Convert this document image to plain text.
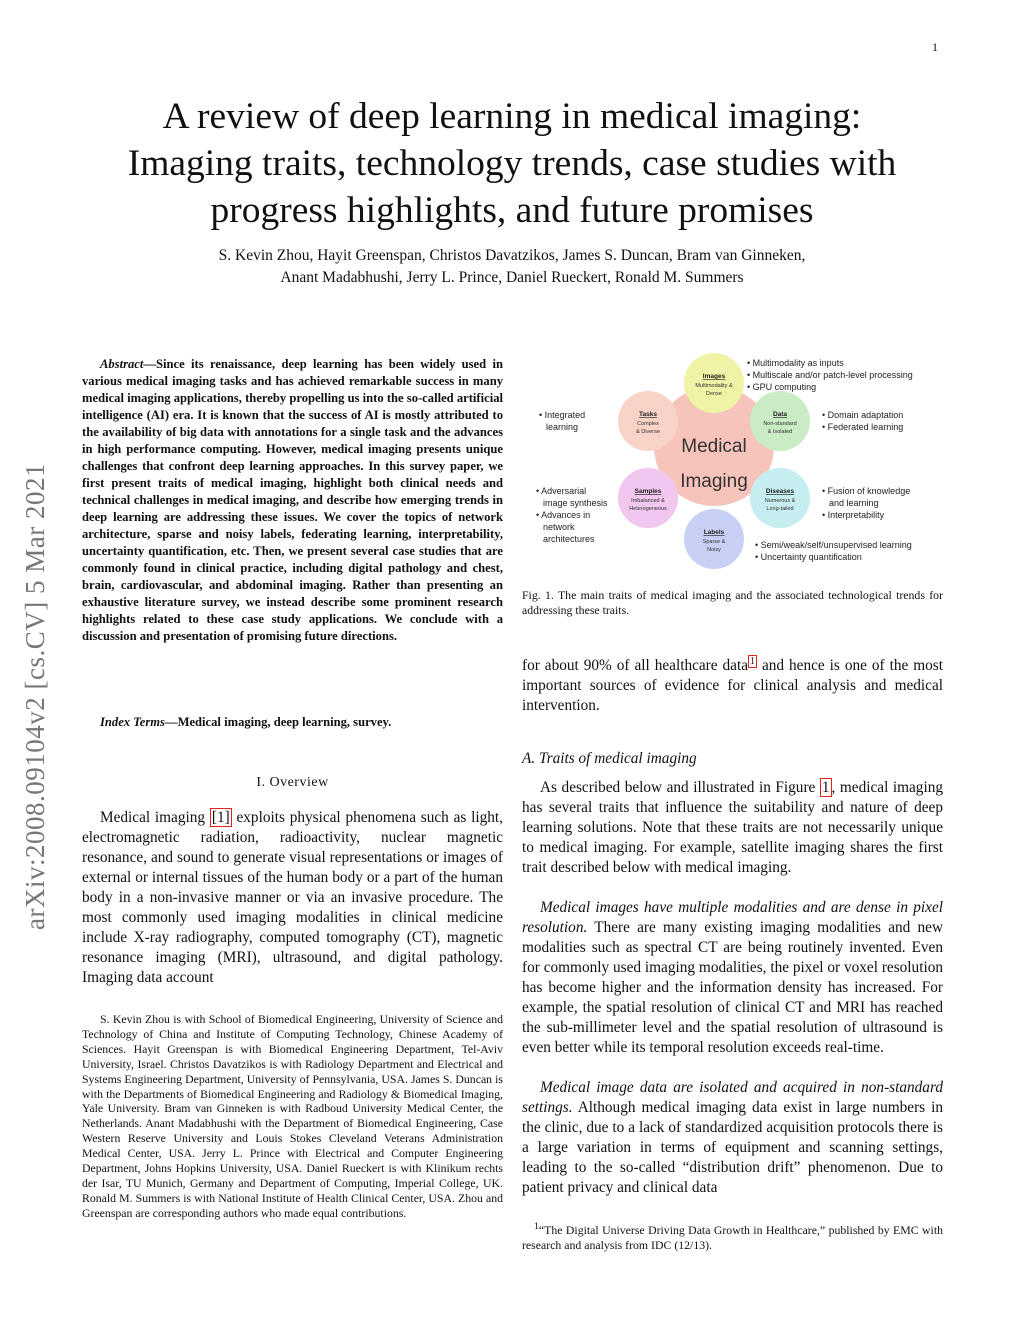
1
A review of deep learning in medical imaging:
Imaging traits, technology trends, case studies with
progress highlights, and future promises
S. Kevin Zhou, Hayit Greenspan, Christos Davatzikos, James S. Duncan, Bram van Ginneken,
Anant Madabhushi, Jerry L. Prince, Daniel Rueckert, Ronald M. Summers
arXiv:2008.09104v2 [cs.CV] 5 Mar 2021
Abstract—Since its renaissance, deep learning has been widely used in various medical imaging tasks and has achieved remarkable success in many medical imaging applications, thereby propelling us into the so-called artificial intelligence (AI) era. It is known that the success of AI is mostly attributed to the availability of big data with annotations for a single task and the advances in high performance computing. However, medical imaging presents unique challenges that confront deep learning approaches. In this survey paper, we first present traits of medical imaging, highlight both clinical needs and technical challenges in medical imaging, and describe how emerging trends in deep learning are addressing these issues. We cover the topics of network architecture, sparse and noisy labels, federating learning, interpretability, uncertainty quantification, etc. Then, we present several case studies that are commonly found in clinical practice, including digital pathology and chest, brain, cardiovascular, and abdominal imaging. Rather than presenting an exhaustive literature survey, we instead describe some prominent research highlights related to these case study applications. We conclude with a discussion and presentation of promising future directions.
Index Terms—Medical imaging, deep learning, survey.
I. Overview
Medical imaging [1] exploits physical phenomena such as light, electromagnetic radiation, radioactivity, nuclear magnetic resonance, and sound to generate visual representations or images of external or internal tissues of the human body or a part of the human body in a non-invasive manner or via an invasive procedure. The most commonly used imaging modalities in clinical medicine include X-ray radiography, computed tomography (CT), magnetic resonance imaging (MRI), ultrasound, and digital pathology. Imaging data account
S. Kevin Zhou is with School of Biomedical Engineering, University of Science and Technology of China and Institute of Computing Technology, Chinese Academy of Sciences. Hayit Greenspan is with Biomedical Engineering Department, Tel-Aviv University, Israel. Christos Davatzikos is with Radiology Department and Electrical and Systems Engineering Department, University of Pennsylvania, USA. James S. Duncan is with the Departments of Biomedical Engineering and Radiology & Biomedical Imaging, Yale University. Bram van Ginneken is with Radboud University Medical Center, the Netherlands. Anant Madabhushi with the Department of Biomedical Engineering, Case Western Reserve University and Louis Stokes Cleveland Veterans Administration Medical Center, USA. Jerry L. Prince with Electrical and Computer Engineering Department, Johns Hopkins University, USA. Daniel Rueckert is with Klinikum rechts der Isar, TU Munich, Germany and Department of Computing, Imperial College, UK. Ronald M. Summers is with National Institute of Health Clinical Center, USA. Zhou and Greenspan are corresponding authors who made equal contributions.
Medical
Imaging
Images
Multimodality &
Dense
Data
Non-standard
& Isolated
Diseases
Numerous &
Long-tailed
Labels
Sparse &
Noisy
Samples
Imbalanced &
Heterogeneous
Tasks
Complex
& Diverse
• Multimodality as inputs • Multiscale and/or patch-level processing • GPU computing
• Domain adaptation • Federated learning
• Fusion of knowledge and learning • Interpretability
• Semi/weak/self/unsupervised learning • Uncertainty quantification
• Adversarial image synthesis • Advances in network architectures
• Integrated learning
Fig. 1. The main traits of medical imaging and the associated technological trends for addressing these traits.
for about 90% of all healthcare data $^1$ and hence is one of the most important sources of evidence for clinical analysis and medical intervention.
A. Traits of medical imaging
As described below and illustrated in Figure 1 , medical imaging has several traits that influence the suitability and nature of deep learning solutions. Note that these traits are not necessarily unique to medical imaging. For example, satellite imaging shares the first trait described below with medical imaging.
Medical images have multiple modalities and are dense in pixel resolution. There are many existing imaging modalities and new modalities such as spectral CT are being routinely invented. Even for commonly used imaging modalities, the pixel or voxel resolution has become higher and the information density has increased. For example, the spatial resolution of clinical CT and MRI has reached the sub-millimeter level and the spatial resolution of ultrasound is even better while its temporal resolution exceeds real-time.
Medical image data are isolated and acquired in non-standard settings. Although medical imaging data exist in large numbers in the clinic, due to a lack of standardized acquisition protocols there is a large variation in terms of equipment and scanning settings, leading to the so-called “distribution drift” phenomenon. Due to patient privacy and clinical data
$^1$“The Digital Universe Driving Data Growth in Healthcare,” published by EMC with research and analysis from IDC (12/13).
